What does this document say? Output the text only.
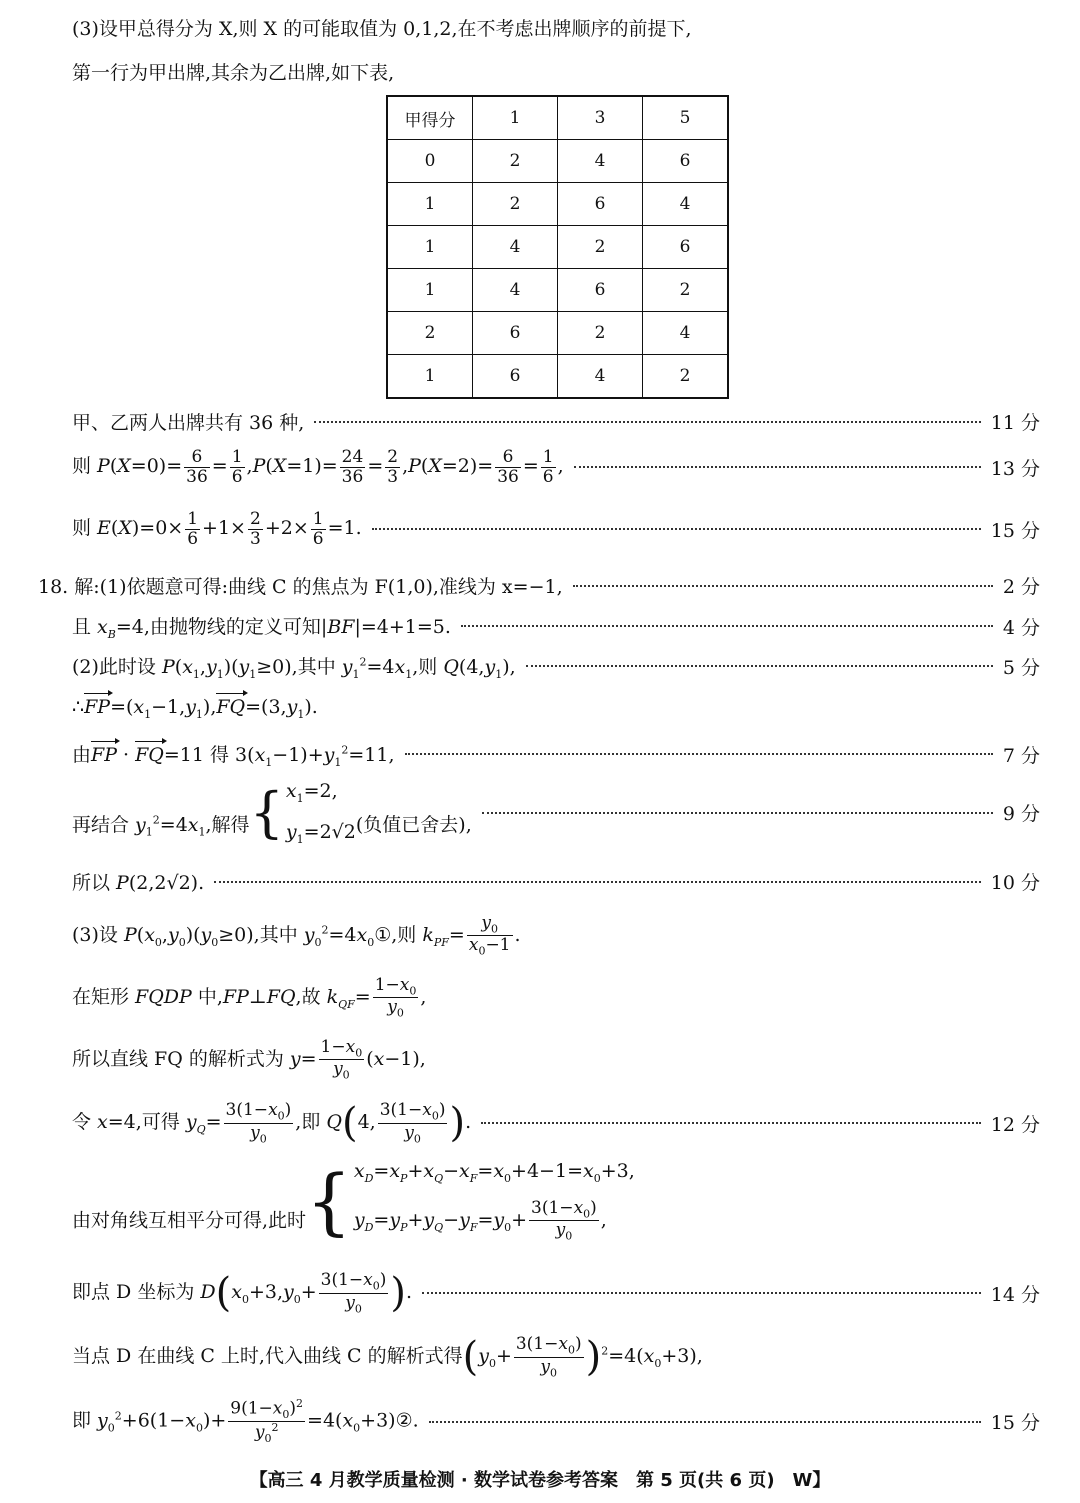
(3)设甲总得分为 X,则 X 的可能取值为 0,1,2,在不考虑出牌顺序的前提下,
第一行为甲出牌,其余为乙出牌,如下表,
甲得分	1	3	5
0	2	4	6
1	2	6	4
1	4	2	6
1	4	6	2
2	6	2	4
1	6	4	2
甲、乙两人出牌共有 36 种,	11 分
则 $P(X=0)= \frac{6}{36} = \frac{1}{6} ,P(X=1)= \frac{24}{36} = \frac{2}{3} ,P(X=2)= \frac{6}{36} = \frac{1}{6}$ ,	13 分
则 $E(X)=0\times \frac{1}{6} +1\times \frac{2}{3} +2\times \frac{1}{6} =1$.	15 分
18. 解:(1)依题意可得:曲线 C 的焦点为 F(1,0),准线为 x=−1,	2 分
且 $x_B=4$,由抛物线的定义可知|BF|=4+1=5.	4 分
(2)此时设 $P(x_1,y_1)(y_1\ge 0)$,其中 $y_1^2=4x_1$,则 $Q(4,y_1)$,	5 分
$\therefore FP=(x_1-1,y_1),FQ=(3,y_1)$.
由FP · FQ=11 得 $3(x_1-1)+y_1^2=11$,	7 分
再结合 $y_1^2=4x_1$,解得 { $x_1=2$,
$y_1=2√2$ (负值已舍去),	9 分
所以 P(2,2√2).	10 分
(3)设 $P(x_0,y_0)(y_0\ge 0)$,其中 $y_0^2=4x_0①$,则 $k_{PF}= \frac{y_0}{x_0-1}$ .
在矩形 FQDP 中,FP⊥FQ,故 $k_{QF}= \frac{1-x_0}{y_0}$ ,
所以直线 FQ 的解析式为 $y= \frac{1-x_0}{y_0} (x-1)$,
令 x=4,可得 $y_Q= \frac{3(1-x_0)}{y_0}$ ,即 Q(4, $\frac{3(1-x_0)}{y_0}$ ).	12 分
由对角线互相平分可得,此时 { $x_D=x_P+x_Q-x_F=x_0+4-1=x_0+3$,
$y_D=y_P+y_Q-y_F=y_0+ \frac{3(1-x_0)}{y_0}$ ,
即点 D 坐标为 $D(x_0+3,y_0+ \frac{3(1-x_0)}{y_0}$ ).	14 分
当点 D 在曲线 C 上时,代入曲线 C 的解析式得$(y_0+ \frac{3(1-x_0)}{y_0} )^2=4(x_0+3)$,
即 $y_0^2+6(1-x_0)+ \frac{9(1-x_0)^2}{y_0^2}$ $=4(x_0+3)②$.	15 分
【高三 4 月教学质量检测 · 数学试卷参考答案　第 5 页(共 6 页)　W】
